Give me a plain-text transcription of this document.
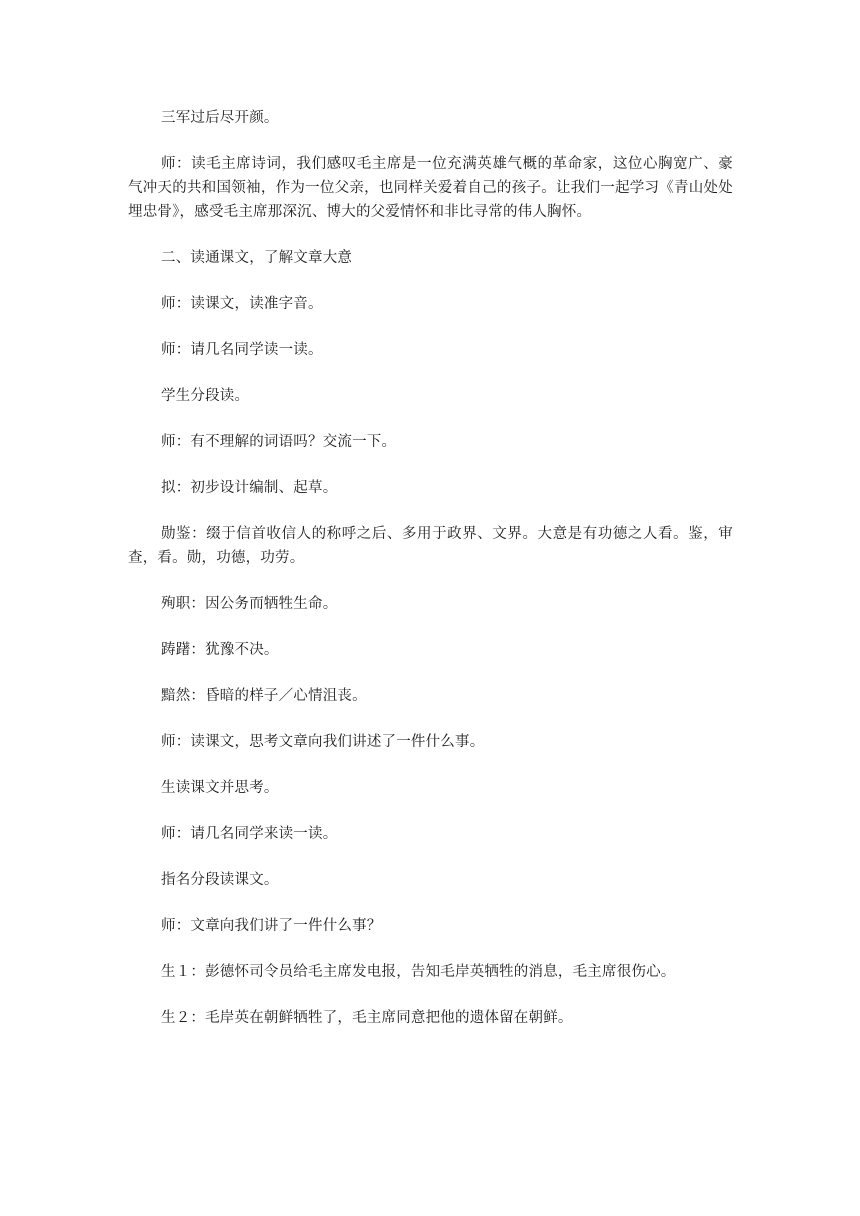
三军过后尽开颜。

师：读毛主席诗词，我们感叹毛主席是一位充满英雄气概的革命家，这位心胸宽广、豪气冲天的共和国领袖，作为一位父亲，也同样关爱着自己的孩子。让我们一起学习《青山处处埋忠骨》，感受毛主席那深沉、博大的父爱情怀和非比寻常的伟人胸怀。

二、读通课文，了解文章大意

师：读课文，读准字音。

师：请几名同学读一读。

学生分段读。

师：有不理解的词语吗？交流一下。

拟：初步设计编制、起草。

勋鉴：缀于信首收信人的称呼之后、多用于政界、文界。大意是有功德之人看。鉴，审查，看。勋，功德，功劳。

殉职：因公务而牺牲生命。

踌躇：犹豫不决。

黯然：昏暗的样子／心情沮丧。

师：读课文，思考文章向我们讲述了一件什么事。

生读课文并思考。

师：请几名同学来读一读。

指名分段读课文。

师：文章向我们讲了一件什么事？

生１：彭德怀司令员给毛主席发电报，告知毛岸英牺牲的消息，毛主席很伤心。

生２：毛岸英在朝鲜牺牲了，毛主席同意把他的遗体留在朝鲜。
